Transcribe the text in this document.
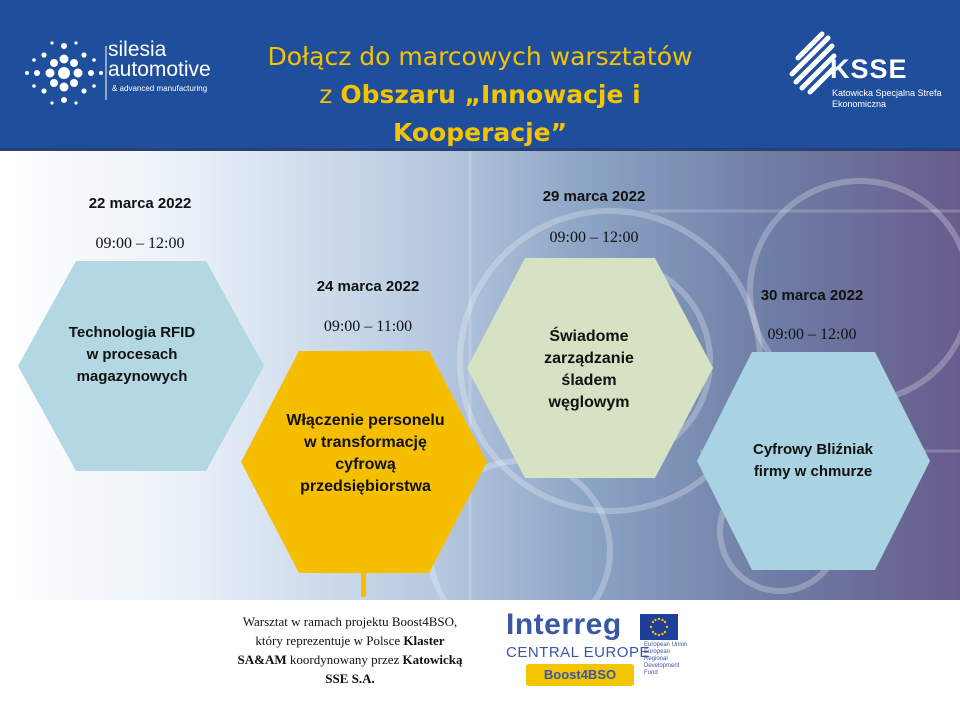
silesia
automotive
& advanced manufacturing
Dołącz do marcowych warsztatów
z Obszaru „Innowacje i Kooperacje”
KSSE
Katowicka Specjalna Strefa Ekonomiczna
22 marca 2022
09:00 – 12:00
Technologia RFID w procesach magazynowych
24 marca 2022
09:00 – 11:00
Włączenie personelu w transformację cyfrową przedsiębiorstwa
29 marca 2022
09:00 – 12:00
Świadome zarządzanie śladem węglowym
30 marca 2022
09:00 – 12:00
Cyfrowy Bliźniak firmy w chmurze
Warsztat w ramach projektu Boost4BSO, który reprezentuje w Polsce Klaster SA&AM koordynowany przez Katowicką SSE S.A.
Interreg
European Union
European Regional
Development Fund
CENTRAL EUROPE
Boost4BSO
